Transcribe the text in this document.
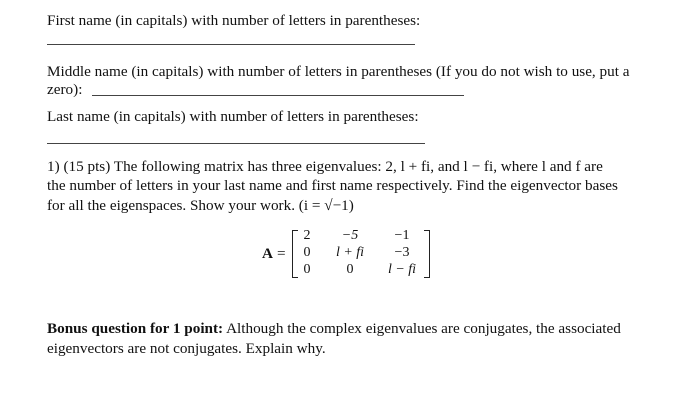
First name (in capitals) with number of letters in parentheses:
Middle name (in capitals) with number of letters in parentheses (If you do not wish to use, put a
zero):
Last name (in capitals) with number of letters in parentheses:
1) (15 pts) The following matrix has three eigenvalues: 2, l + fi, and l − fi, where l and f are
the number of letters in your last name and first name respectively. Find the eigenvector bases
for all the eigenspaces. Show your work. (i = √−1)
A =
2	−5	−1
0	l + fi	−3
0	0	l − fi
Bonus question for 1 point: Although the complex eigenvalues are conjugates, the associated
eigenvectors are not conjugates. Explain why.
